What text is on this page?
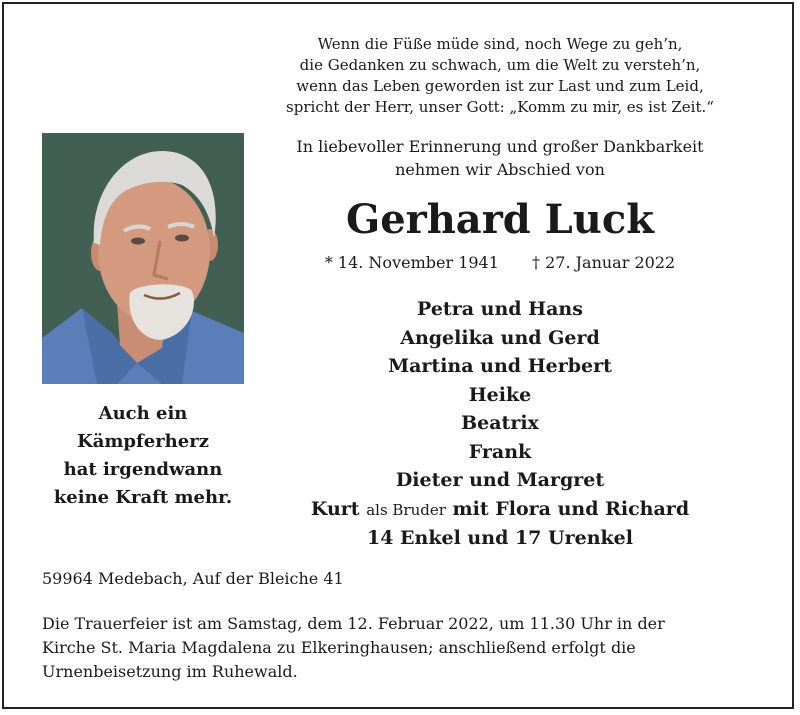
Wenn die Füße müde sind, noch Wege zu geh’n,
die Gedanken zu schwach, um die Welt zu versteh’n,
wenn das Leben geworden ist zur Last und zum Leid,
spricht der Herr, unser Gott: „Komm zu mir, es ist Zeit.“
Auch ein
Kämpferherz
hat irgendwann
keine Kraft mehr.
In liebevoller Erinnerung und großer Dankbarkeit
nehmen wir Abschied von
Gerhard Luck
* 14. November 1941 † 27. Januar 2022
Petra und Hans
Angelika und Gerd
Martina und Herbert
Heike
Beatrix
Frank
Dieter und Margret
Kurt als Bruder mit Flora und Richard
14 Enkel und 17 Urenkel
59964 Medebach, Auf der Bleiche 41
Die Trauerfeier ist am Samstag, dem 12. Februar 2022, um 11.30 Uhr in der
Kirche St. Maria Magdalena zu Elkeringhausen; anschließend erfolgt die
Urnenbeisetzung im Ruhewald.
